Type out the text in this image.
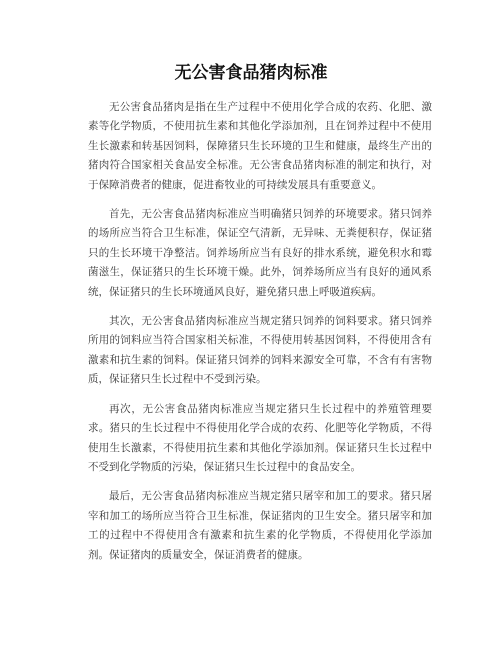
无公害食品猪肉标准

无公害食品猪肉是指在生产过程中不使用化学合成的农药、化肥、激素等化学物质，不使用抗生素和其他化学添加剂，且在饲养过程中不使用生长激素和转基因饲料，保障猪只生长环境的卫生和健康，最终生产出的猪肉符合国家相关食品安全标准。无公害食品猪肉标准的制定和执行，对于保障消费者的健康，促进畜牧业的可持续发展具有重要意义。

首先，无公害食品猪肉标准应当明确猪只饲养的环境要求。猪只饲养的场所应当符合卫生标准，保证空气清新，无异味、无粪便积存，保证猪只的生长环境干净整洁。饲养场所应当有良好的排水系统，避免积水和霉菌滋生，保证猪只的生长环境干燥。此外，饲养场所应当有良好的通风系统，保证猪只的生长环境通风良好，避免猪只患上呼吸道疾病。

其次，无公害食品猪肉标准应当规定猪只饲养的饲料要求。猪只饲养所用的饲料应当符合国家相关标准，不得使用转基因饲料，不得使用含有激素和抗生素的饲料。保证猪只饲养的饲料来源安全可靠，不含有有害物质，保证猪只生长过程中不受到污染。

再次，无公害食品猪肉标准应当规定猪只生长过程中的养殖管理要求。猪只的生长过程中不得使用化学合成的农药、化肥等化学物质，不得使用生长激素，不得使用抗生素和其他化学添加剂。保证猪只生长过程中不受到化学物质的污染，保证猪只生长过程中的食品安全。

最后，无公害食品猪肉标准应当规定猪只屠宰和加工的要求。猪只屠宰和加工的场所应当符合卫生标准，保证猪肉的卫生安全。猪只屠宰和加工的过程中不得使用含有激素和抗生素的化学物质，不得使用化学添加剂。保证猪肉的质量安全，保证消费者的健康。
